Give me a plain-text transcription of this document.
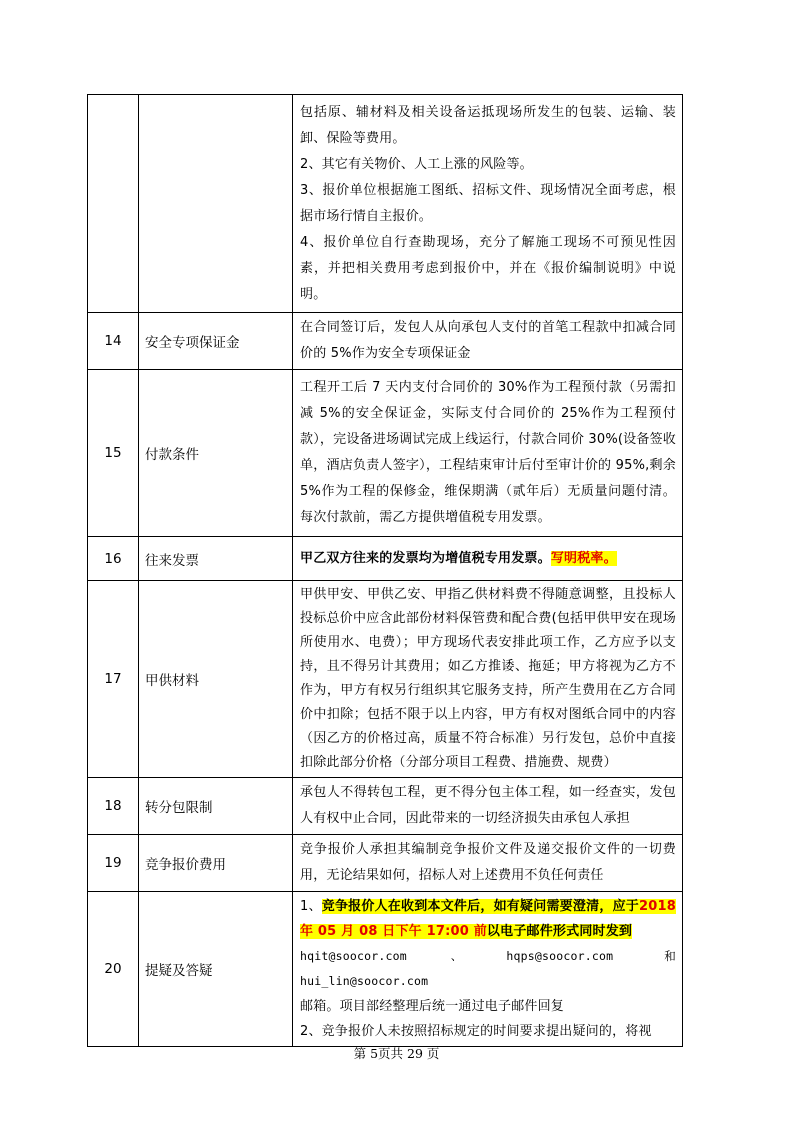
		包括原、辅材料及相关设备运抵现场所发生的包装、运输、装卸、保险等费用。
2、其它有关物价、人工上涨的风险等。
3、报价单位根据施工图纸、招标文件、现场情况全面考虑，根据市场行情自主报价。
4、报价单位自行查勘现场，充分了解施工现场不可预见性因素，并把相关费用考虑到报价中，并在《报价编制说明》中说明。

14	安全专项保证金	在合同签订后，发包人从向承包人支付的首笔工程款中扣减合同价的 5%作为安全专项保证金

15	付款条件	工程开工后 7 天内支付合同价的 30%作为工程预付款（另需扣减 5%的安全保证金，实际支付合同价的 25%作为工程预付款），完设备进场调试完成上线运行，付款合同价 30%(设备签收单，酒店负责人签字），工程结束审计后付至审计价的 95%,剩余 5%作为工程的保修金，维保期满（贰年后）无质量问题付清。每次付款前，需乙方提供增值税专用发票。

16	往来发票	甲乙双方往来的发票均为增值税专用发票。写明税率。

17	甲供材料	甲供甲安、甲供乙安、甲指乙供材料费不得随意调整，且投标人投标总价中应含此部份材料保管费和配合费(包括甲供甲安在现场所使用水、电费）；甲方现场代表安排此项工作，乙方应予以支持，且不得另计其费用；如乙方推诿、拖延；甲方将视为乙方不作为，甲方有权另行组织其它服务支持，所产生费用在乙方合同价中扣除；包括不限于以上内容，甲方有权对图纸合同中的内容（因乙方的价格过高，质量不符合标准）另行发包，总价中直接扣除此部分价格（分部分项目工程费、措施费、规费）

18	转分包限制	承包人不得转包工程，更不得分包主体工程，如一经查实，发包人有权中止合同，因此带来的一切经济损失由承包人承担

19	竞争报价费用	竞争报价人承担其编制竞争报价文件及递交报价文件的一切费用，无论结果如何，招标人对上述费用不负任何责任

20	提疑及答疑	1、竞争报价人在收到本文件后，如有疑问需要澄清，应于2018 年 05 月 08 日下午 17:00 前以电子邮件形式同时发到
hqit@soocor.com、hqps@soocor.com 和 hui_lin@soocor.com
邮箱。项目部经整理后统一通过电子邮件回复
2、竞争报价人未按照招标规定的时间要求提出疑问的，将视
第 5页共 29 页
